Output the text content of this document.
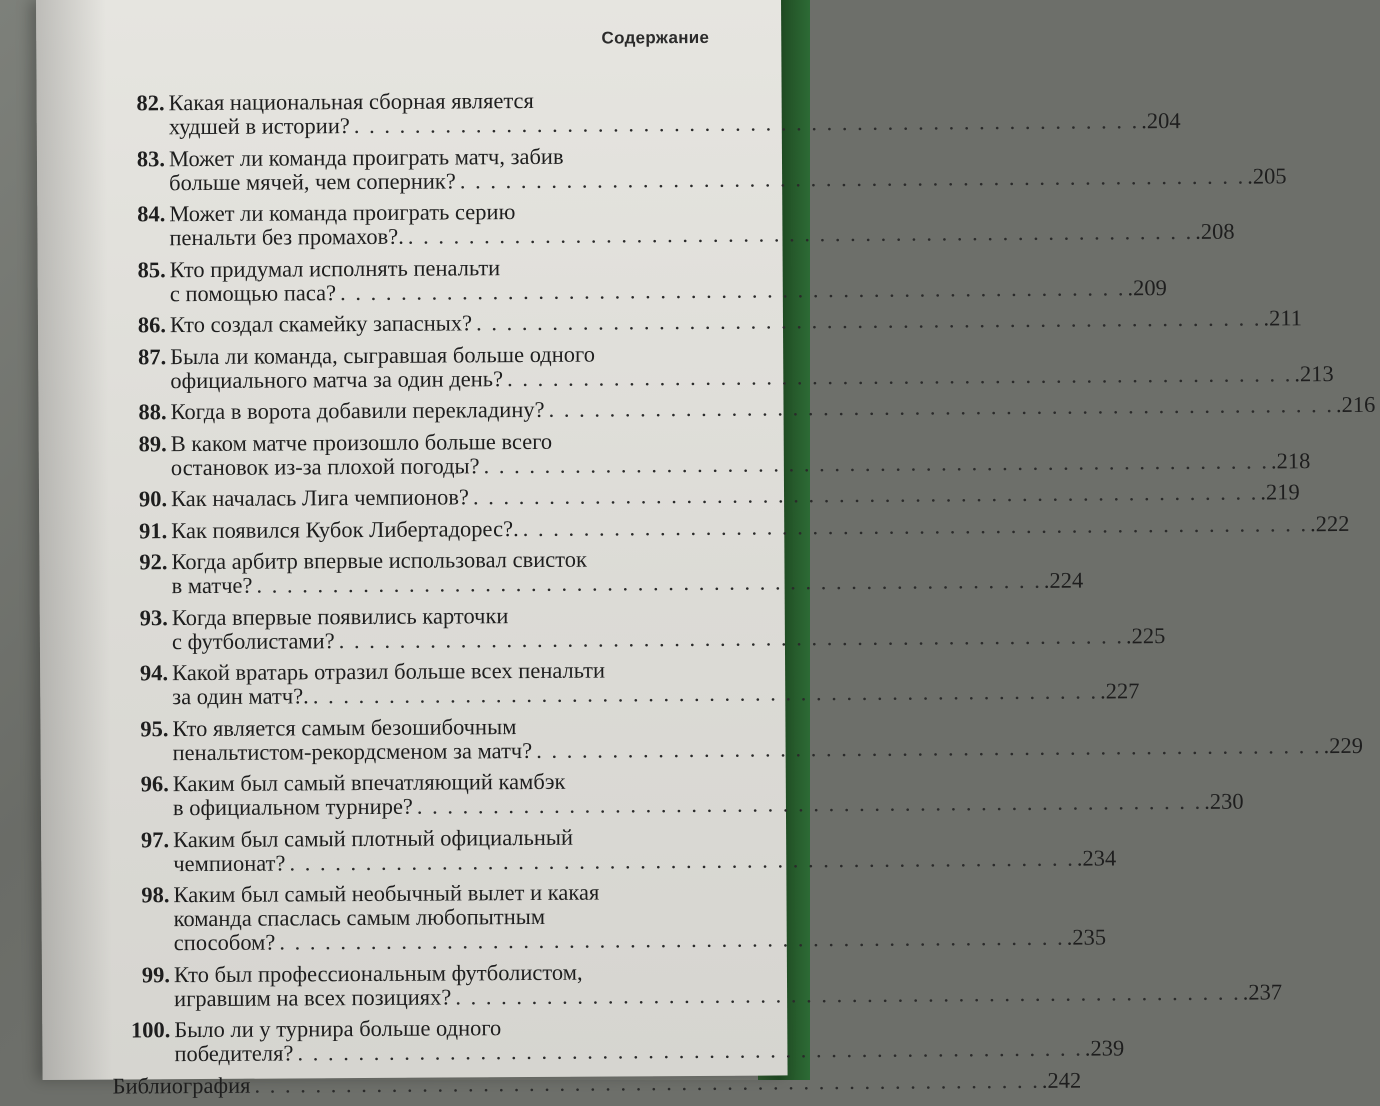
Содержание
82. Какая национальная сборная является
худшей в истории? . . .	.204
83. Может ли команда проиграть матч, забив
больше мячей, чем соперник? . . .	.205
84. Может ли команда проиграть серию
пенальти без промахов?. . . .	.208
85. Кто придумал исполнять пенальти
с помощью паса? . . .	.209
86. Кто создал скамейку запасных? . . .	.211
87. Была ли команда, сыгравшая больше одного
официального матча за один день? . . .	.213
88. Когда в ворота добавили перекладину? . . .	.216
89. В каком матче произошло больше всего
остановок из-за плохой погоды? . . .	.218
90. Как началась Лига чемпионов? . . .	.219
91. Как появился Кубок Либертадорес?. . . .	.222
92. Когда арбитр впервые использовал свисток
в матче? . . .	.224
93. Когда впервые появились карточки
с футболистами? . . .	.225
94. Какой вратарь отразил больше всех пенальти
за один матч?. . . .	.227
95. Кто является самым безошибочным
пенальтистом-рекордсменом за матч? . . .	.229
96. Каким был самый впечатляющий камбэк
в официальном турнире? . . .	.230
97. Каким был самый плотный официальный
чемпионат? . . .	.234
98. Каким был самый необычный вылет и какая
команда спаслась самым любопытным
способом? . . .	.235
99. Кто был профессиональным футболистом,
игравшим на всех позициях? . . .	.237
100. Было ли у турнира больше одного
победителя? . . .	.239
Библиография . . .	.242
